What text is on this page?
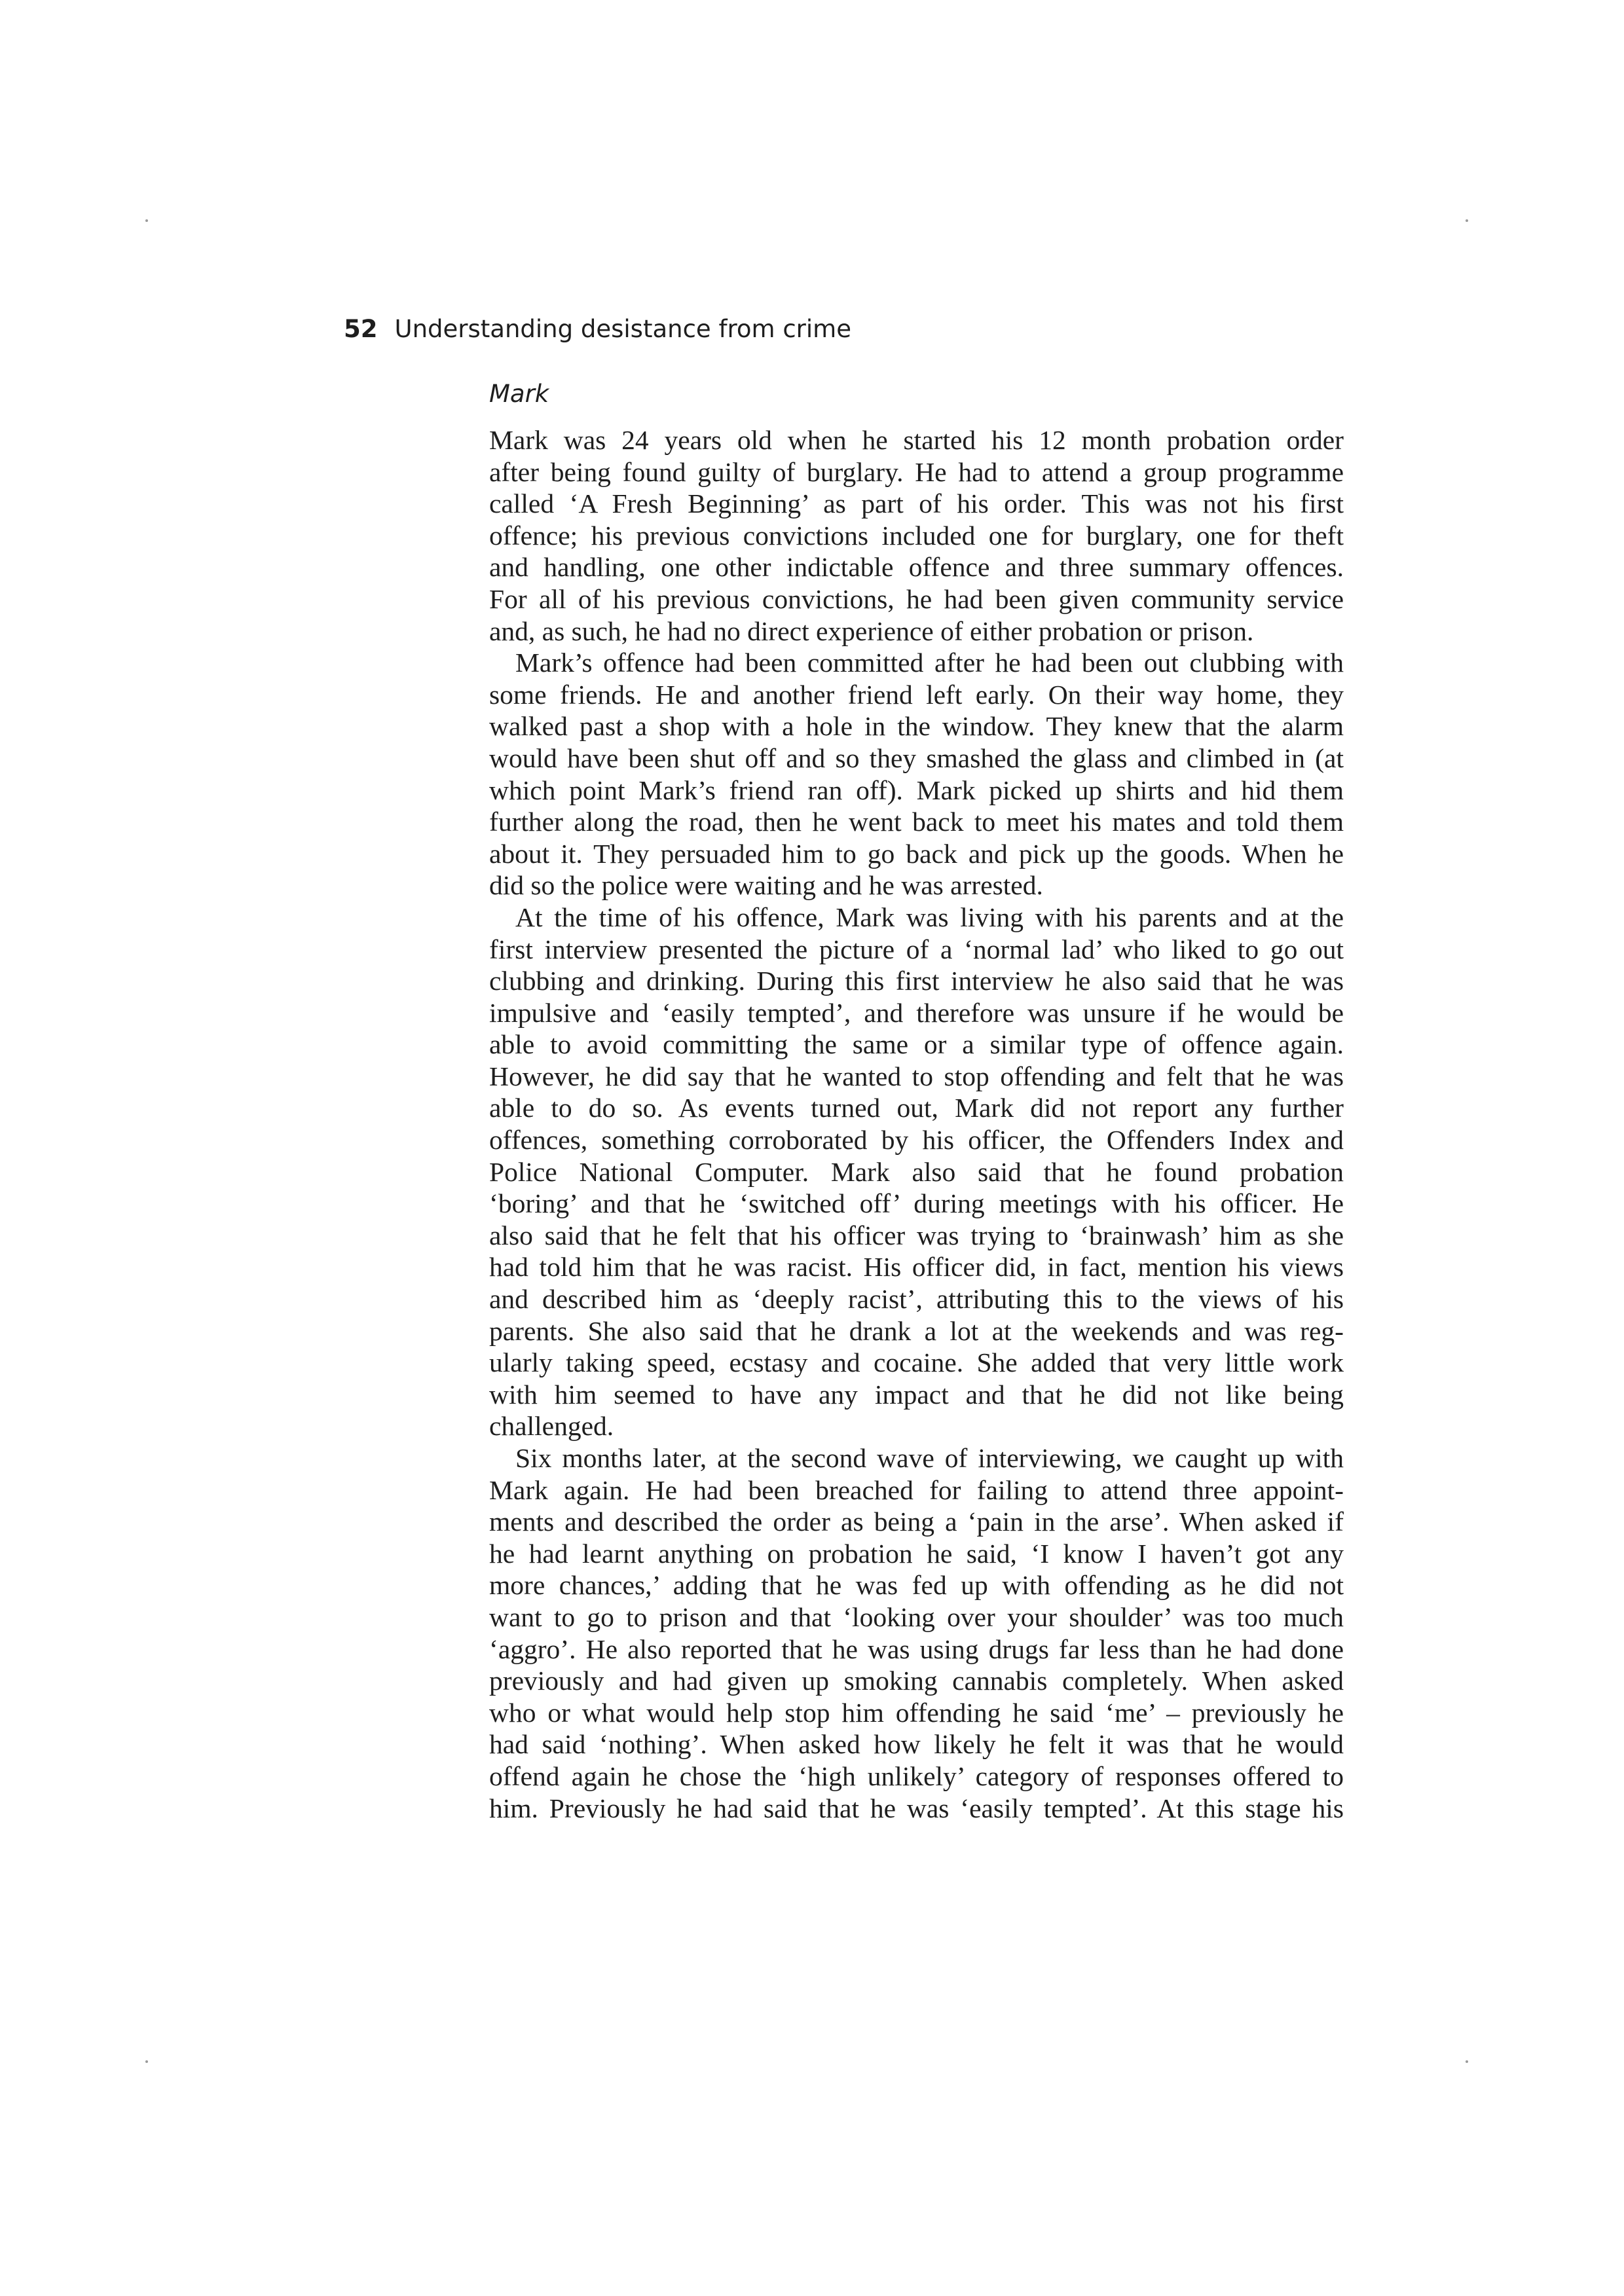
52 Understanding desistance from crime
Mark

Mark was 24 years old when he started his 12 month probation order
after being found guilty of burglary. He had to attend a group programme
called ‘A Fresh Beginning’ as part of his order. This was not his first
offence; his previous convictions included one for burglary, one for theft
and handling, one other indictable offence and three summary offences.
For all of his previous convictions, he had been given community service
and, as such, he had no direct experience of either probation or prison.

Mark’s offence had been committed after he had been out clubbing with
some friends. He and another friend left early. On their way home, they
walked past a shop with a hole in the window. They knew that the alarm
would have been shut off and so they smashed the glass and climbed in (at
which point Mark’s friend ran off). Mark picked up shirts and hid them
further along the road, then he went back to meet his mates and told them
about it. They persuaded him to go back and pick up the goods. When he
did so the police were waiting and he was arrested.

At the time of his offence, Mark was living with his parents and at the
first interview presented the picture of a ‘normal lad’ who liked to go out
clubbing and drinking. During this first interview he also said that he was
impulsive and ‘easily tempted’, and therefore was unsure if he would be
able to avoid committing the same or a similar type of offence again.
However, he did say that he wanted to stop offending and felt that he was
able to do so. As events turned out, Mark did not report any further
offences, something corroborated by his officer, the Offenders Index and
Police National Computer. Mark also said that he found probation
‘boring’ and that he ‘switched off’ during meetings with his officer. He
also said that he felt that his officer was trying to ‘brainwash’ him as she
had told him that he was racist. His officer did, in fact, mention his views
and described him as ‘deeply racist’, attributing this to the views of his
parents. She also said that he drank a lot at the weekends and was reg-
ularly taking speed, ecstasy and cocaine. She added that very little work
with him seemed to have any impact and that he did not like being
challenged.

Six months later, at the second wave of interviewing, we caught up with
Mark again. He had been breached for failing to attend three appoint-
ments and described the order as being a ‘pain in the arse’. When asked if
he had learnt anything on probation he said, ‘I know I haven’t got any
more chances,’ adding that he was fed up with offending as he did not
want to go to prison and that ‘looking over your shoulder’ was too much
‘aggro’. He also reported that he was using drugs far less than he had done
previously and had given up smoking cannabis completely. When asked
who or what would help stop him offending he said ‘me’ – previously he
had said ‘nothing’. When asked how likely he felt it was that he would
offend again he chose the ‘high unlikely’ category of responses offered to
him. Previously he had said that he was ‘easily tempted’. At this stage his
